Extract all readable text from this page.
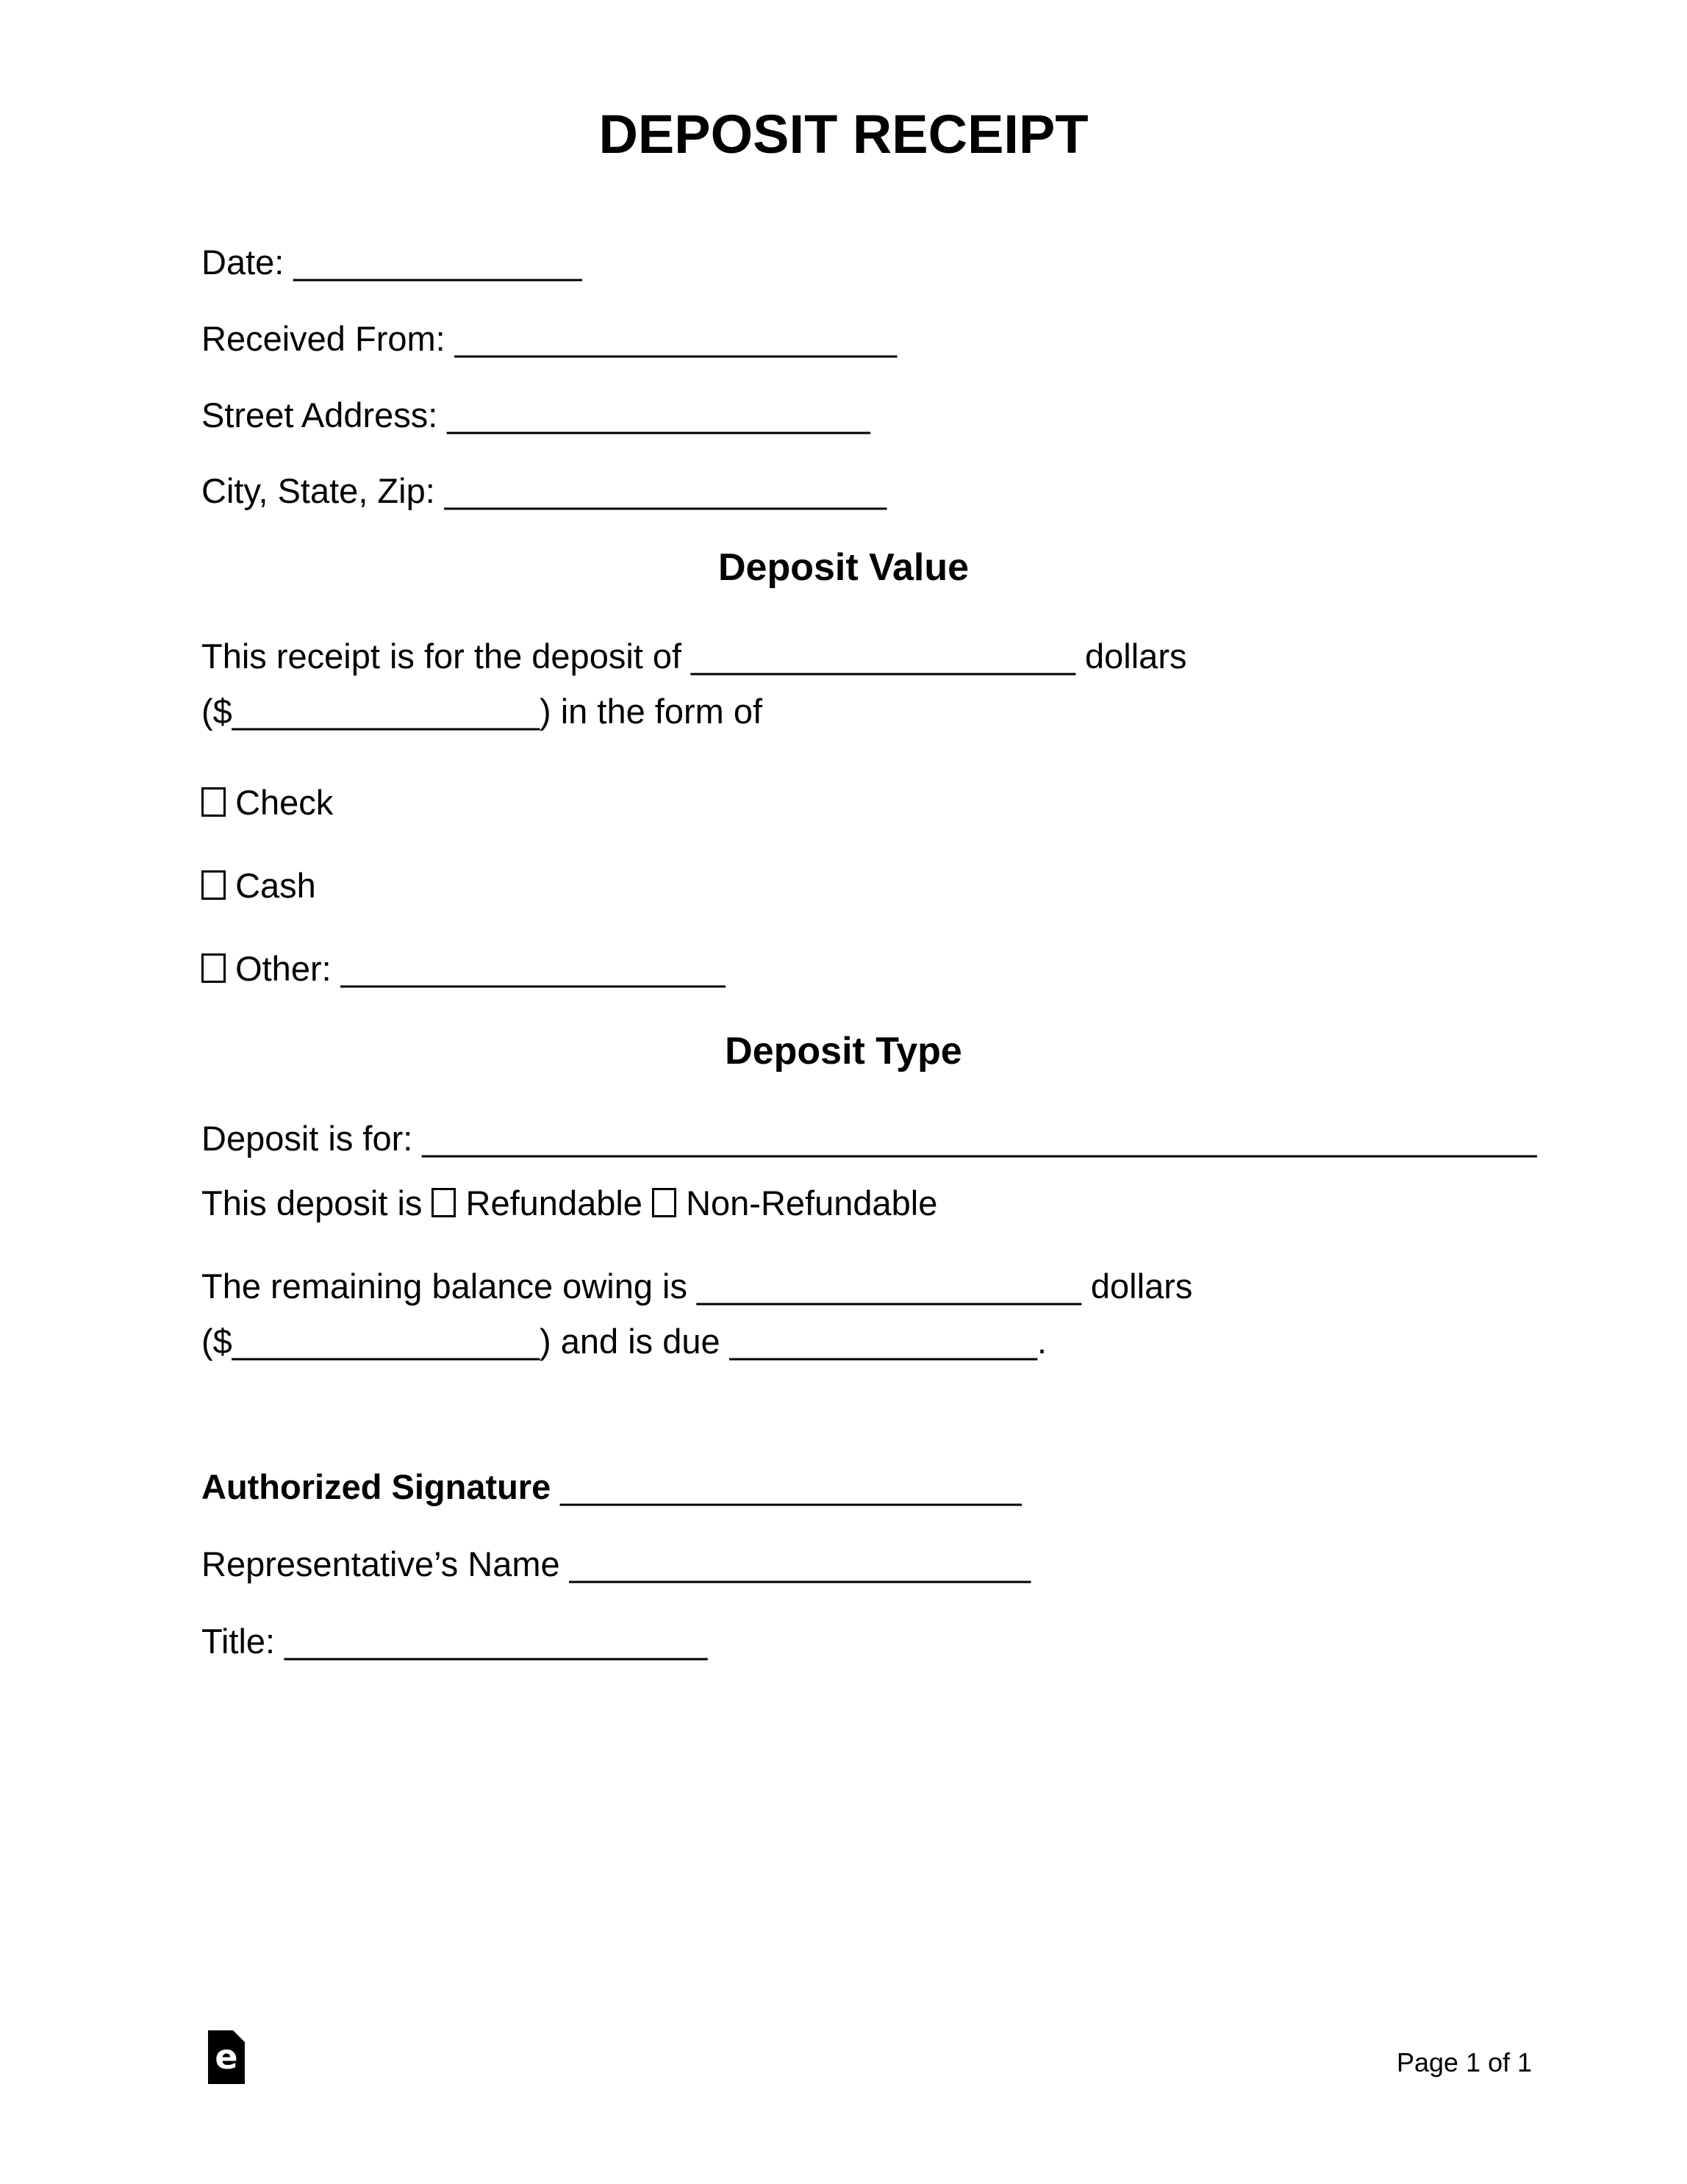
DEPOSIT RECEIPT
Date: _______________
Received From: _______________________
Street Address: ______________________
City, State, Zip: _______________________
Deposit Value
This receipt is for the deposit of ____________________ dollars ($________________) in the form of
Check
Cash
Other: ____________________
Deposit Type
Deposit is for: __________________________________________________________
This deposit is Refundable Non-Refundable
The remaining balance owing is ____________________ dollars ($________________) and is due ________________.
Authorized Signature ________________________
Representative’s Name ________________________
Title: ______________________
e	Page 1 of 1
